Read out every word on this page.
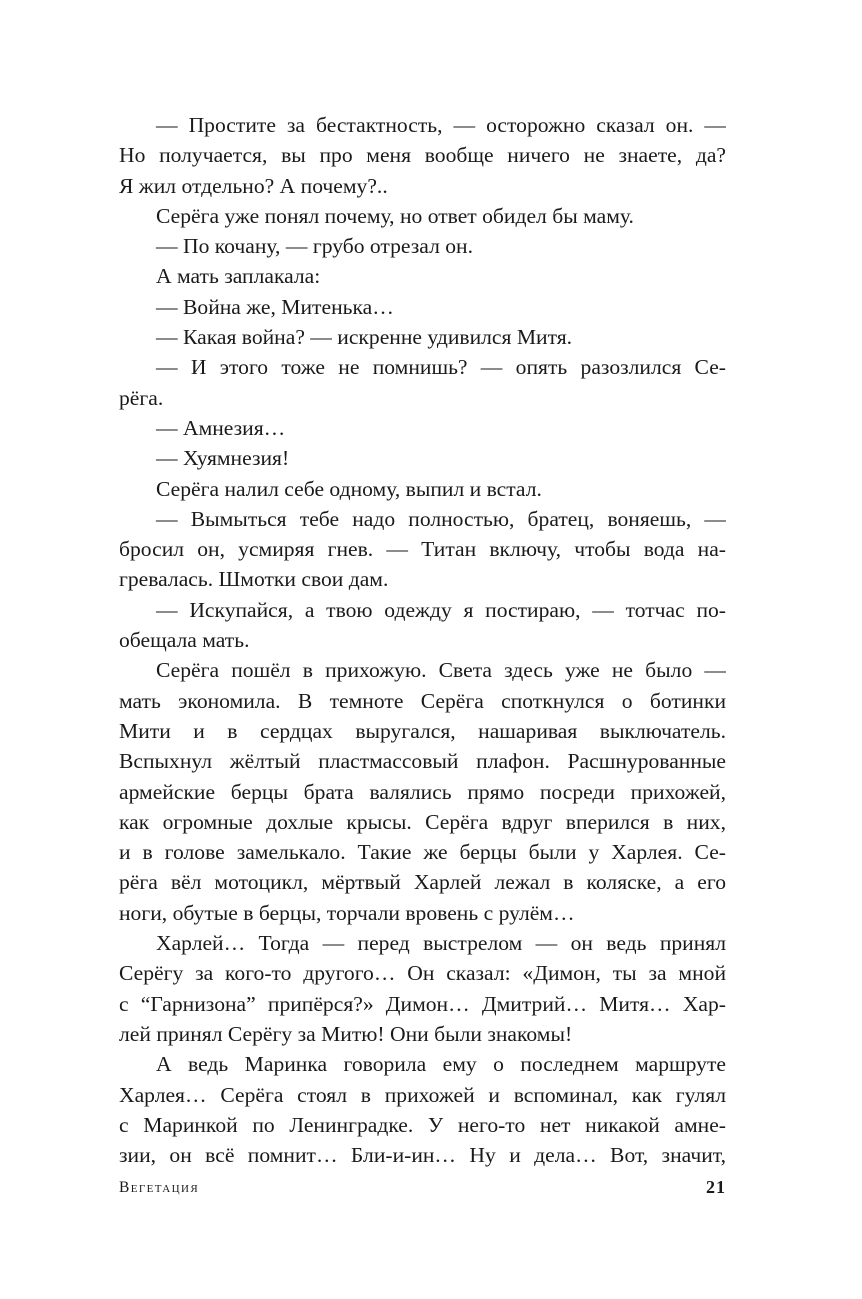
— Простите за бестактность, — осторожно сказал он. —
Но получается, вы про меня вообще ничего не знаете, да?
Я жил отдельно? А почему?..
Серёга уже понял почему, но ответ обидел бы маму.
— По кочану, — грубо отрезал он.
А мать заплакала:
— Война же, Митенька…
— Какая война? — искренне удивился Митя.
— И этого тоже не помнишь? — опять разозлился Се-
рёга.
— Амнезия…
— Хуямнезия!
Серёга налил себе одному, выпил и встал.
— Вымыться тебе надо полностью, братец, воняешь, —
бросил он, усмиряя гнев. — Титан включу, чтобы вода на-
гревалась. Шмотки свои дам.
— Искупайся, а твою одежду я постираю, — тотчас по-
обещала мать.
Серёга пошёл в прихожую. Света здесь уже не было —
мать экономила. В темноте Серёга споткнулся о ботинки
Мити и в сердцах выругался, нашаривая выключатель.
Вспыхнул жёлтый пластмассовый плафон. Расшнурованные
армейские берцы брата валялись прямо посреди прихожей,
как огромные дохлые крысы. Серёга вдруг вперился в них,
и в голове замелькало. Такие же берцы были у Харлея. Се-
рёга вёл мотоцикл, мёртвый Харлей лежал в коляске, а его
ноги, обутые в берцы, торчали вровень с рулём…
Харлей… Тогда — перед выстрелом — он ведь принял
Серёгу за кого-то другого… Он сказал: «Димон, ты за мной
с “Гарнизона” припёрся?» Димон… Дмитрий… Митя… Хар-
лей принял Серёгу за Митю! Они были знакомы!
А ведь Маринка говорила ему о последнем маршруте
Харлея… Серёга стоял в прихожей и вспоминал, как гулял
с Маринкой по Ленинградке. У него-то нет никакой амне-
зии, он всё помнит… Бли-и-ин… Ну и дела… Вот, значит,

Вегетация	21
